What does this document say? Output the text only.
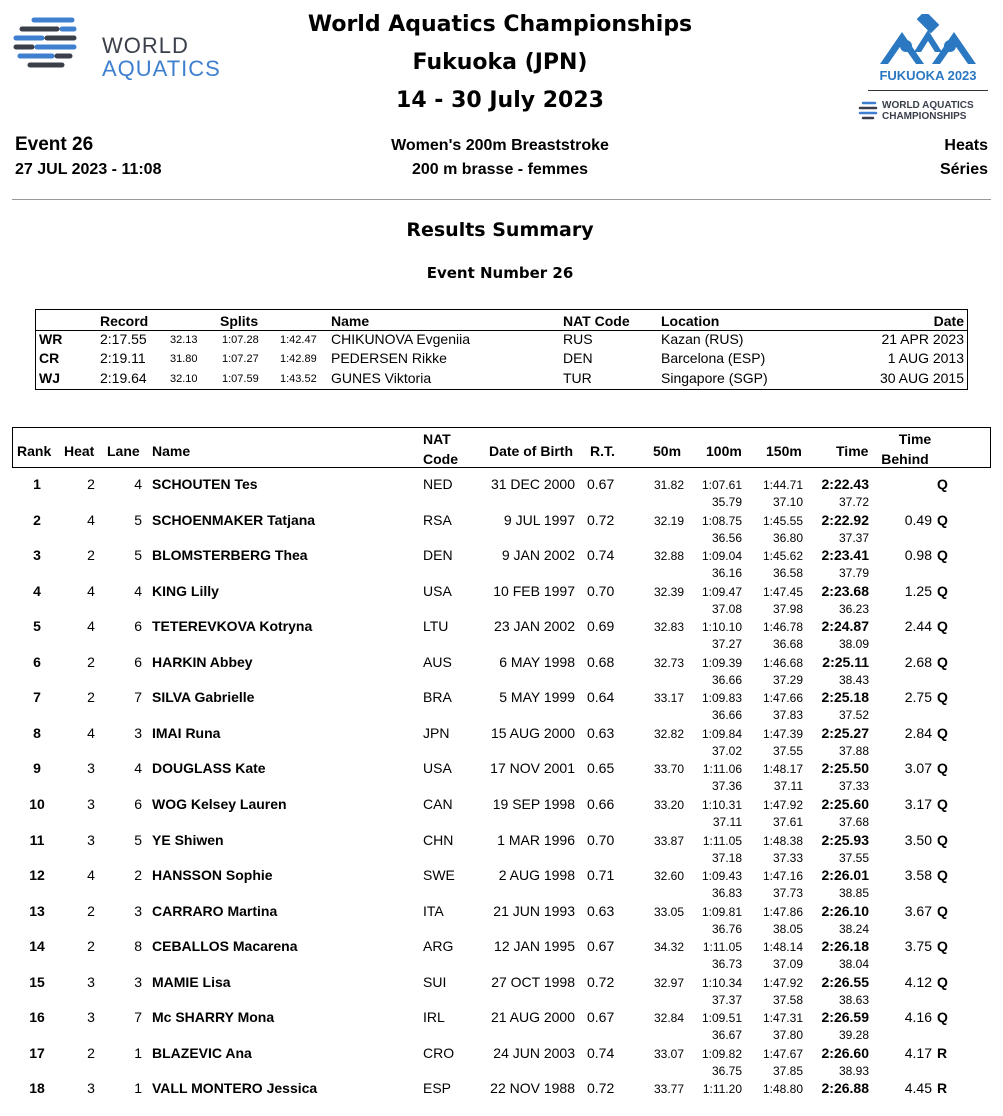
WORLD
AQUATICS
World Aquatics Championships
Fukuoka (JPN)
14 - 30 July 2023
FUKUOKA 2023
WORLD AQUATICS
CHAMPIONSHIPS
Event 26
27 JUL 2023 - 11:08
Women's 200m Breaststroke
200 m brasse - femmes
Heats
Séries
Results Summary
Event Number 26
Record	Splits	Name	NAT Code Location	Date
WR	2:17.55 32.13 1:07.28 1:42.47 CHIKUNOVA Evgeniia	RUS	Kazan (RUS)	21 APR 2023
CR	2:19.11 31.80 1:07.27 1:42.89 PEDERSEN Rikke	DEN	Barcelona (ESP)	1 AUG 2013
WJ	2:19.64 32.10 1:07.59 1:43.52 GUNES Viktoria	TUR	Singapore (SGP)	30 AUG 2015
Rank Heat Lane Name
NAT
Code Date of Birth R.T.	50m 100m 150m Time
Time
Behind
1	2	4 SCHOUTEN Tes	NED	31 DEC 2000 0.67	31.82	1:07.61	1:44.71	2:22.43	Q
35.79	37.10	37.72
2	4	5 SCHOENMAKER Tatjana	RSA	9 JUL 1997 0.72	32.19	1:08.75	1:45.55	2:22.92	0.49 Q
36.56	36.80	37.37
3	2	5 BLOMSTERBERG Thea	DEN	9 JAN 2002 0.74	32.88	1:09.04	1:45.62	2:23.41	0.98 Q
36.16	36.58	37.79
4	4	4 KING Lilly	USA	10 FEB 1997 0.70	32.39	1:09.47	1:47.45	2:23.68	1.25 Q
37.08	37.98	36.23
5	4	6 TETEREVKOVA Kotryna	LTU	23 JAN 2002 0.69	32.83	1:10.10	1:46.78	2:24.87	2.44 Q
37.27	36.68	38.09
6	2	6 HARKIN Abbey	AUS	6 MAY 1998 0.68	32.73	1:09.39	1:46.68	2:25.11	2.68 Q
36.66	37.29	38.43
7	2	7 SILVA Gabrielle	BRA	5 MAY 1999 0.64	33.17	1:09.83	1:47.66	2:25.18	2.75 Q
36.66	37.83	37.52
8	4	3 IMAI Runa	JPN	15 AUG 2000 0.63	32.82	1:09.84	1:47.39	2:25.27	2.84 Q
37.02	37.55	37.88
9	3	4 DOUGLASS Kate	USA	17 NOV 2001 0.65	33.70	1:11.06	1:48.17	2:25.50	3.07 Q
37.36	37.11	37.33
10	3	6 WOG Kelsey Lauren	CAN	19 SEP 1998 0.66	33.20	1:10.31	1:47.92	2:25.60	3.17 Q
37.11	37.61	37.68
11	3	5 YE Shiwen	CHN	1 MAR 1996 0.70	33.87	1:11.05	1:48.38	2:25.93	3.50 Q
37.18	37.33	37.55
12	4	2 HANSSON Sophie	SWE	2 AUG 1998 0.71	32.60	1:09.43	1:47.16	2:26.01	3.58 Q
36.83	37.73	38.85
13	2	3 CARRARO Martina	ITA	21 JUN 1993 0.63	33.05	1:09.81	1:47.86	2:26.10	3.67 Q
36.76	38.05	38.24
14	2	8 CEBALLOS Macarena	ARG	12 JAN 1995 0.67	34.32	1:11.05	1:48.14	2:26.18	3.75 Q
36.73	37.09	38.04
15	3	3 MAMIE Lisa	SUI	27 OCT 1998 0.72	32.97	1:10.34	1:47.92	2:26.55	4.12 Q
37.37	37.58	38.63
16	3	7 Mc SHARRY Mona	IRL	21 AUG 2000 0.67	32.84	1:09.51	1:47.31	2:26.59	4.16 Q
36.67	37.80	39.28
17	2	1 BLAZEVIC Ana	CRO	24 JUN 2003 0.74	33.07	1:09.82	1:47.67	2:26.60	4.17 R
36.75	37.85	38.93
18	3	1 VALL MONTERO Jessica	ESP	22 NOV 1988 0.72	33.77	1:11.20	1:48.80	2:26.88	4.45 R
